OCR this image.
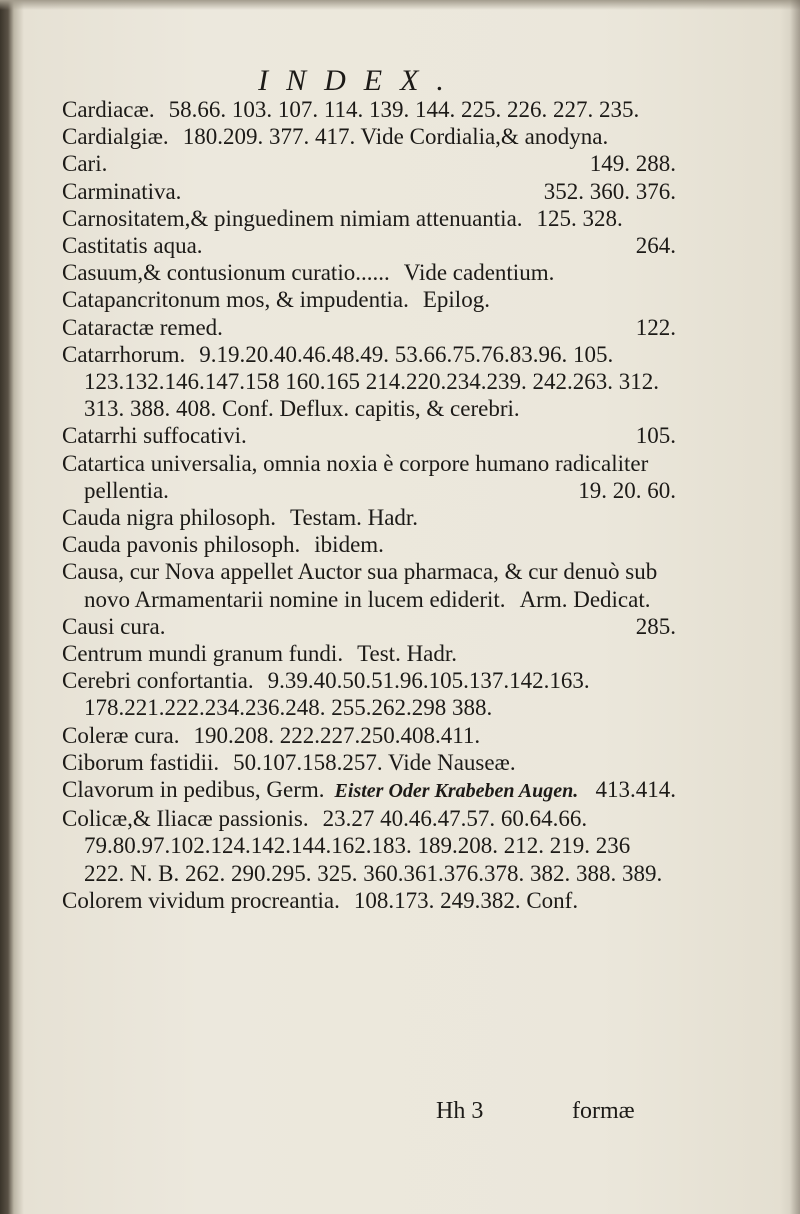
INDEX.
Cardiacæ. 58.66. 103. 107. 114. 139. 144. 225. 226. 227. 235.
Cardialgiæ. 180.209. 377. 417. Vide Cordialia,& anodyna.
Cari.	149. 288.
Carminativa.	352. 360. 376.
Carnositatem,& pinguedinem nimiam attenuantia. 125. 328.
Castitatis aqua.	264.
Casuum,& contusionum curatio...... Vide cadentium.
Catapancritonum mos, & impudentia. Epilog.
Cataractæ remed.	122.
Catarrhorum. 9.19.20.40.46.48.49. 53.66.75.76.83.96. 105. 123.132.146.147.158 160.165 214.220.234.239. 242.263. 312. 313. 388. 408. Conf. Deflux. capitis, & cerebri.
Catarrhi suffocativi.	105.
Catartica universalia, omnia noxia è corpore humano radicaliter pellentia.	19. 20. 60.
Cauda nigra philosoph. Testam. Hadr.
Cauda pavonis philosoph. ibidem.
Causa, cur Nova appellet Auctor sua pharmaca, & cur denuò sub novo Armamentarii nomine in lucem ediderit. Arm. Dedicat.
Causi cura.	285.
Centrum mundi granum fundi. Test. Hadr.
Cerebri confortantia. 9.39.40.50.51.96.105.137.142.163. 178.221.222.234.236.248. 255.262.298 388.
Coleræ cura. 190.208. 222.227.250.408.411.
Ciborum fastidii. 50.107.158.257. Vide Nauseæ.
Clavorum in pedibus, Germ. Eister Oder Krabeben Augen. 413.414.
Colicæ,& Iliacæ passionis. 23.27 40.46.47.57. 60.64.66. 79.80.97.102.124.142.144.162.183. 189.208. 212. 219. 236 222. N. B. 262. 290.295. 325. 360.361.376.378. 382. 388. 389.
Colorem vividum procreantia. 108.173. 249.382. Conf.
Hh 3	formæ
